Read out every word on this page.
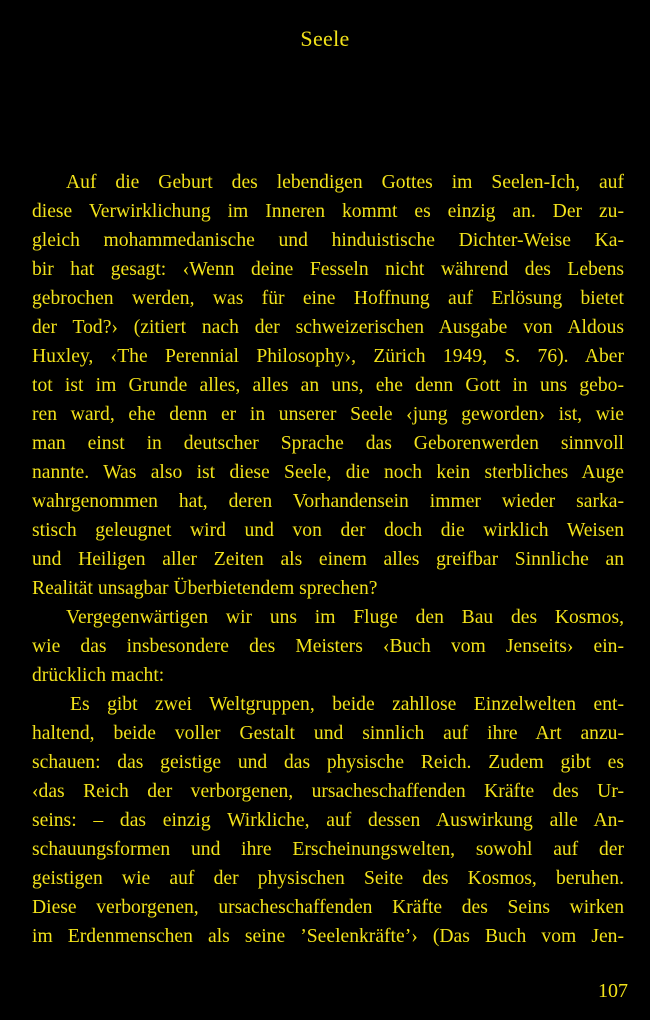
Seele
Auf die Geburt des lebendigen Gottes im Seelen-Ich, auf
diese Verwirklichung im Inneren kommt es einzig an. Der zu-
gleich mohammedanische und hinduistische Dichter-Weise Ka-
bir hat gesagt: ‹Wenn deine Fesseln nicht während des Lebens
gebrochen werden, was für eine Hoffnung auf Erlösung bietet
der Tod?› (zitiert nach der schweizerischen Ausgabe von Aldous
Huxley, ‹The Perennial Philosophy›, Zürich 1949, S. 76). Aber
tot ist im Grunde alles, alles an uns, ehe denn Gott in uns gebo-
ren ward, ehe denn er in unserer Seele ‹jung geworden› ist, wie
man einst in deutscher Sprache das Geborenwerden sinnvoll
nannte. Was also ist diese Seele, die noch kein sterbliches Auge
wahrgenommen hat, deren Vorhandensein immer wieder sarka-
stisch geleugnet wird und von der doch die wirklich Weisen
und Heiligen aller Zeiten als einem alles greifbar Sinnliche an
Realität unsagbar Überbietendem sprechen?
Vergegenwärtigen wir uns im Fluge den Bau des Kosmos,
wie das insbesondere des Meisters ‹Buch vom Jenseits› ein-
drücklich macht:
Es gibt zwei Weltgruppen, beide zahllose Einzelwelten ent-
haltend, beide voller Gestalt und sinnlich auf ihre Art anzu-
schauen: das geistige und das physische Reich. Zudem gibt es
‹das Reich der verborgenen, ursacheschaffenden Kräfte des Ur-
seins: – das einzig Wirkliche, auf dessen Auswirkung alle An-
schauungsformen und ihre Erscheinungswelten, sowohl auf der
geistigen wie auf der physischen Seite des Kosmos, beruhen.
Diese verborgenen, ursacheschaffenden Kräfte des Seins wirken
im Erdenmenschen als seine ’Seelenkräfte’› (Das Buch vom Jen-
107
